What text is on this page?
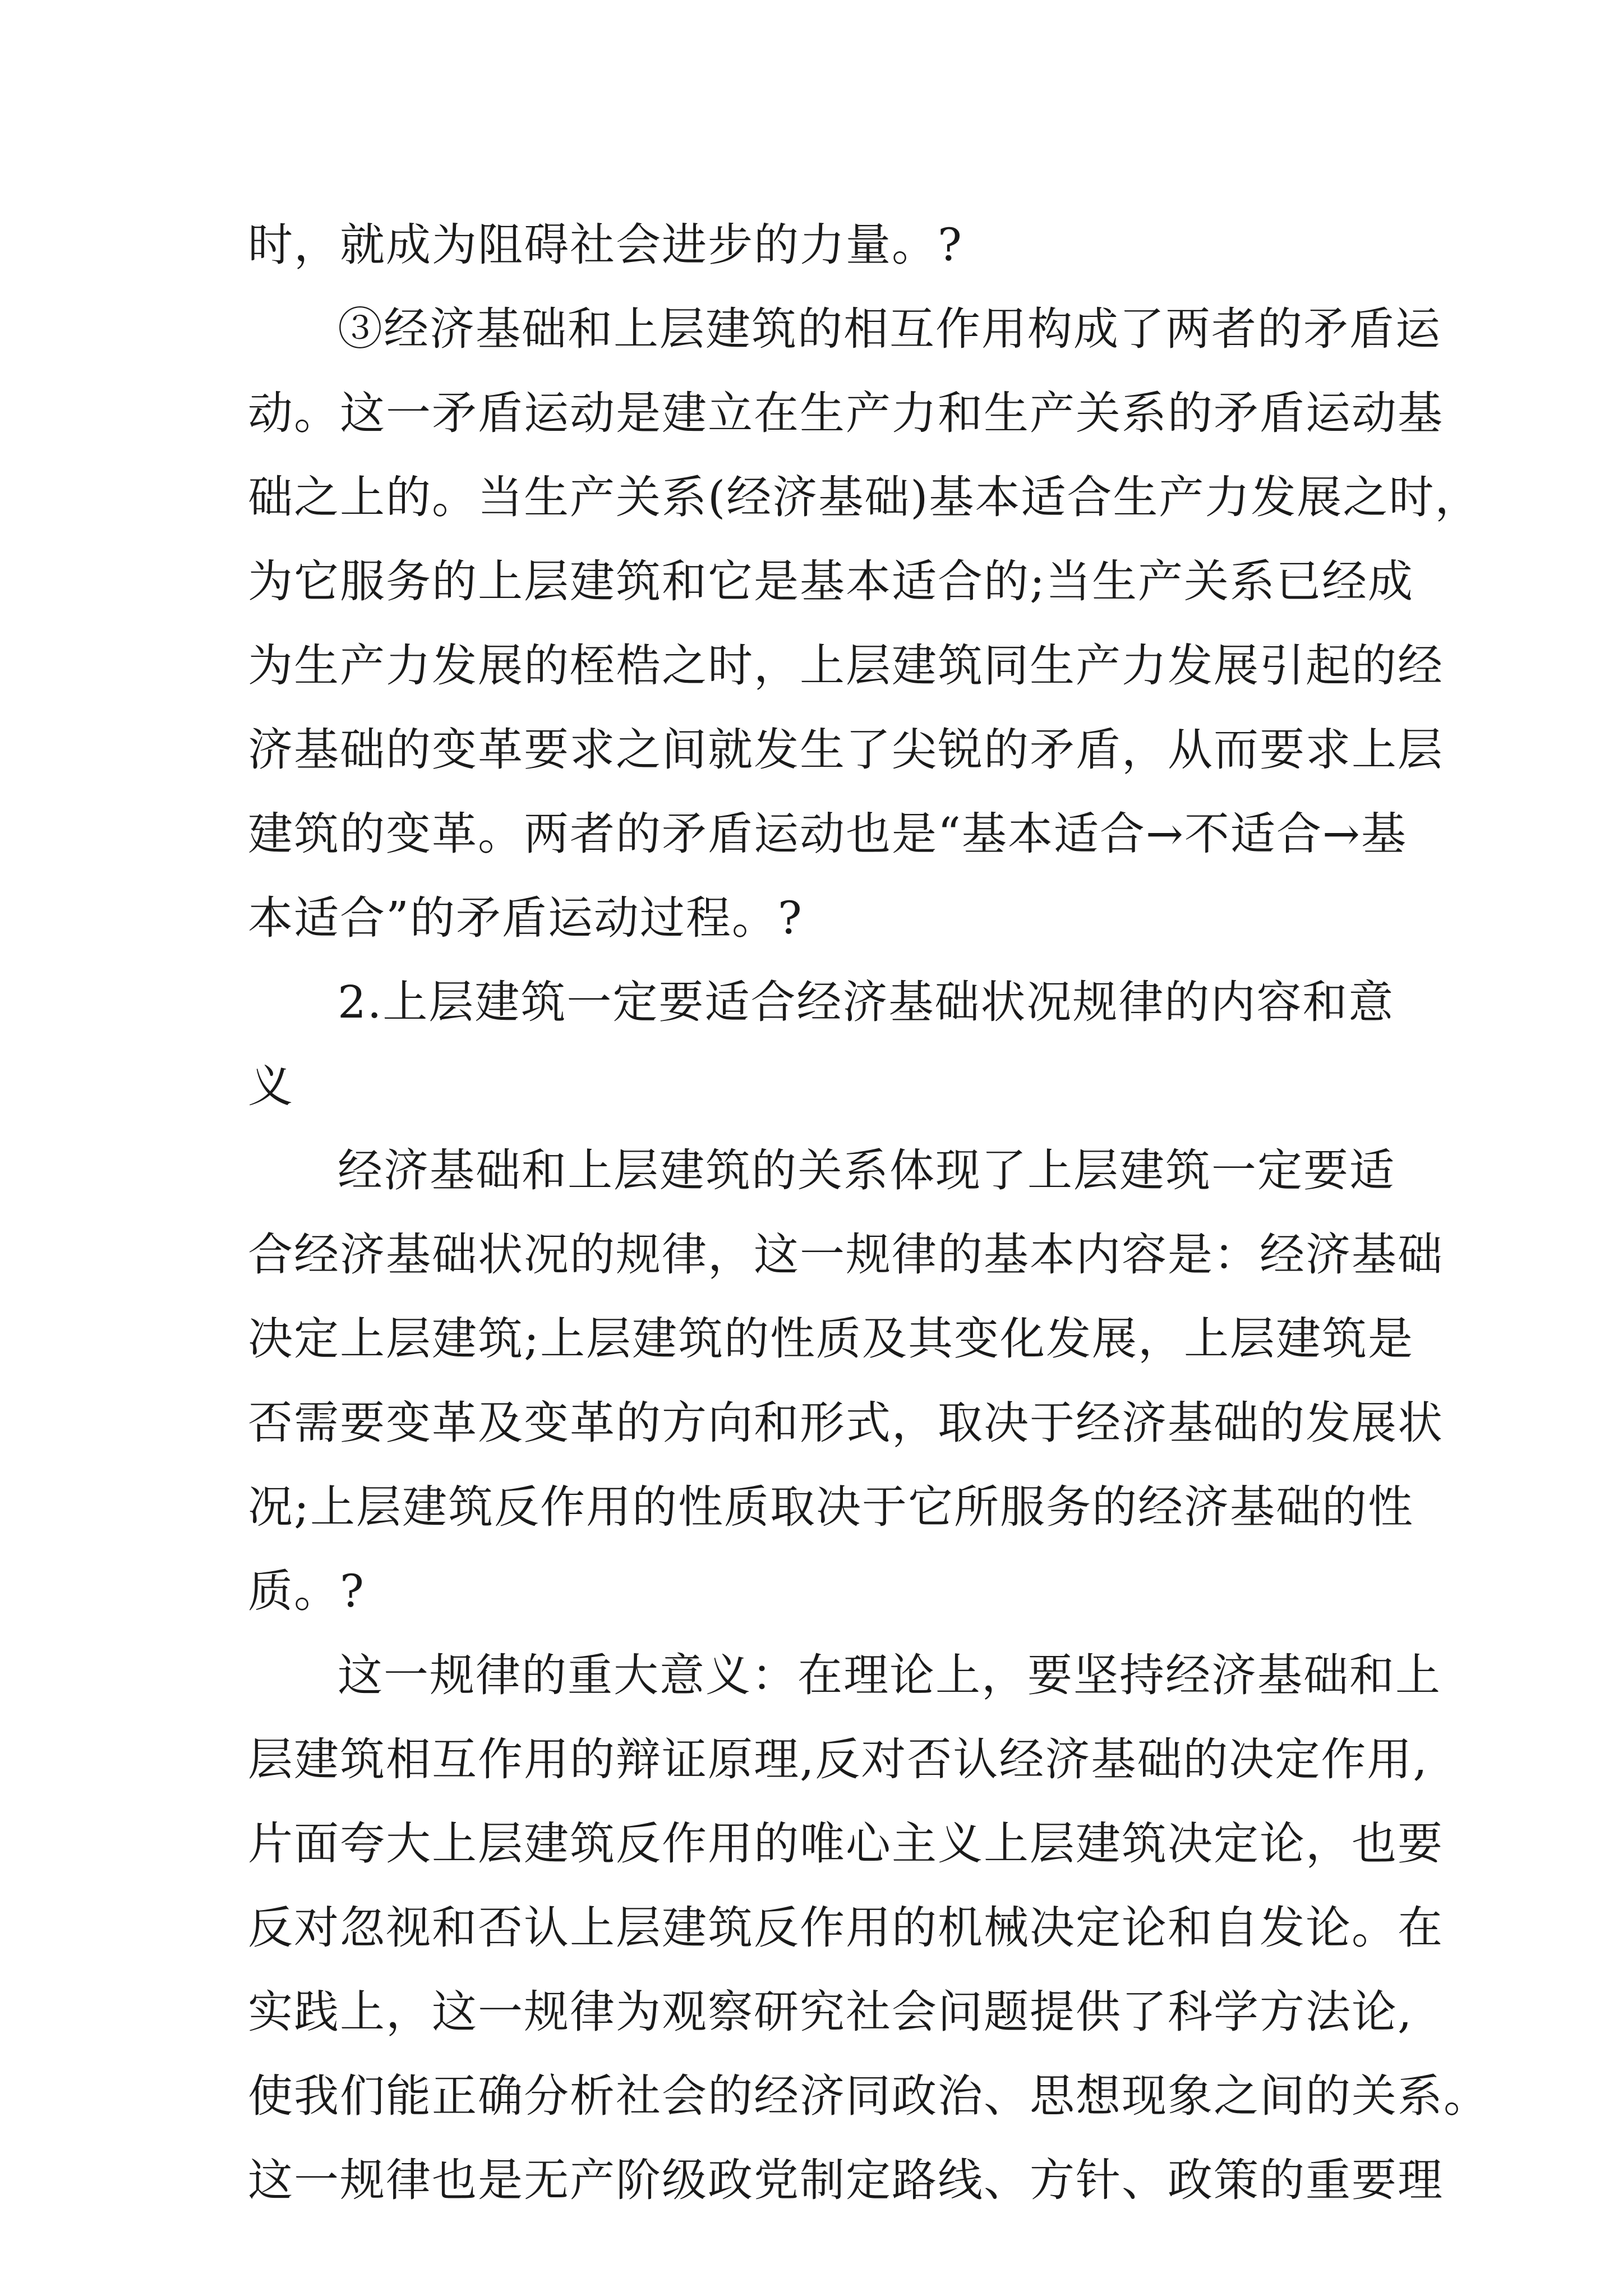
时，就成为阻碍社会进步的力量。?
③经济基础和上层建筑的相互作用构成了两者的矛盾运
动。这一矛盾运动是建立在生产力和生产关系的矛盾运动基
础之上的。当生产关系(经济基础)基本适合生产力发展之时，
为它服务的上层建筑和它是基本适合的;当生产关系已经成
为生产力发展的桎梏之时，上层建筑同生产力发展引起的经
济基础的变革要求之间就发生了尖锐的矛盾，从而要求上层
建筑的变革。两者的矛盾运动也是“基本适合→不适合→基
本适合”的矛盾运动过程。?
2.上层建筑一定要适合经济基础状况规律的内容和意
义
经济基础和上层建筑的关系体现了上层建筑一定要适
合经济基础状况的规律，这一规律的基本内容是：经济基础
决定上层建筑;上层建筑的性质及其变化发展，上层建筑是
否需要变革及变革的方向和形式，取决于经济基础的发展状
况;上层建筑反作用的性质取决于它所服务的经济基础的性
质。?
这一规律的重大意义：在理论上，要坚持经济基础和上
层建筑相互作用的辩证原理,反对否认经济基础的决定作用,
片面夸大上层建筑反作用的唯心主义上层建筑决定论，也要
反对忽视和否认上层建筑反作用的机械决定论和自发论。在
实践上，这一规律为观察研究社会问题提供了科学方法论,
使我们能正确分析社会的经济同政治、思想现象之间的关系。
这一规律也是无产阶级政党制定路线、方针、政策的重要理
